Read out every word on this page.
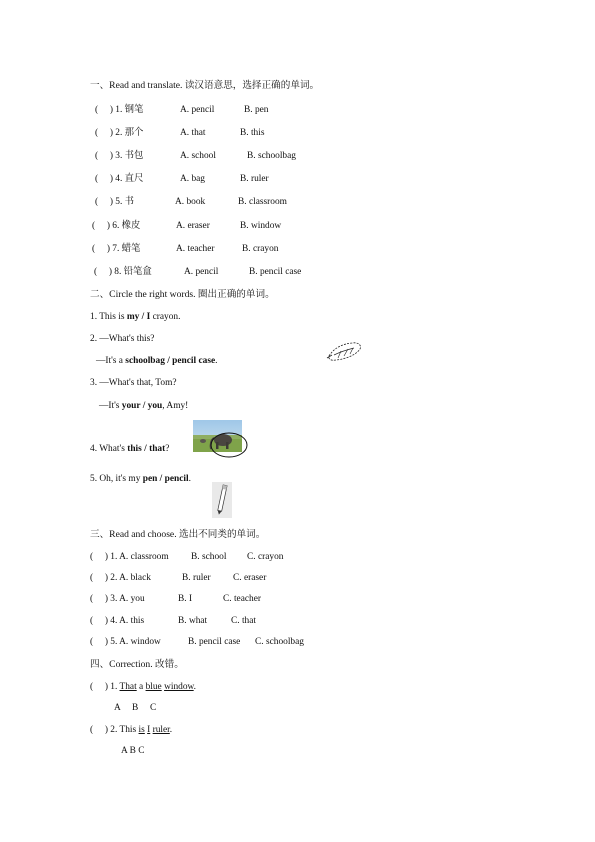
一、Read and translate. 读汉语意思，选择正确的单词。
(     ) 1. 钢笔	A. pencil	B. pen
(     ) 2. 那个	A. that	B. this
(     ) 3. 书包	A. school	B. schoolbag
(     ) 4. 直尺	A. bag	B. ruler
(     ) 5. 书	A. book	B. classroom
(     ) 6. 橡皮	A. eraser	B. window
(     ) 7. 蜡笔	A. teacher	B. crayon
(     ) 8. 铅笔盒	A. pencil	B. pencil case
二、Circle the right words. 圈出正确的单词。
1. This is my / I crayon.
2. —What's this?
—It's a schoolbag / pencil case.
3. —What's that, Tom?
—It's your / you, Amy!
4. What's this / that?
5. Oh, it's my pen / pencil.
三、Read and choose. 选出不同类的单词。
(     ) 1. A. classroom B. school C. crayon
(     ) 2. A. black	B. ruler C. eraser
(     ) 3. A. you	B. I	C. teacher
(     ) 4. A. this	B. what	C. that
(     ) 5. A. window	B. pencil case C. schoolbag
四、Correction. 改错。
(     ) 1. That a blue window.
A     B     C
(     ) 2. This is I ruler.
A B C
